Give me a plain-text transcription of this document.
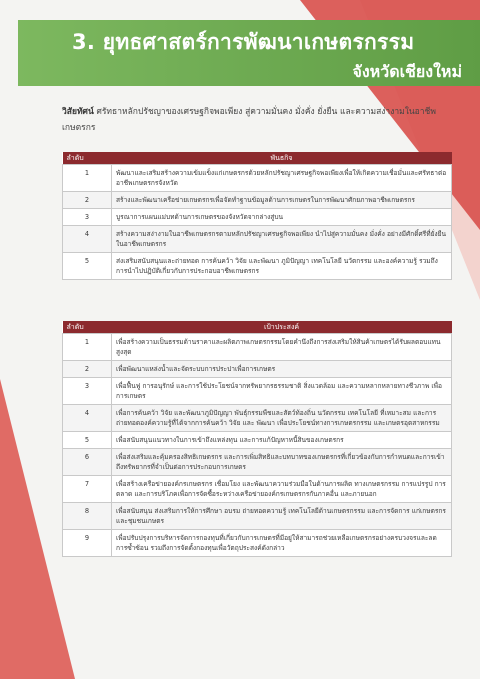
3. ยุทธศาสตร์การพัฒนาเกษตรกรรม
จังหวัดเชียงใหม่
วิสัยทัศน์ ศรัทธาหลักปรัชญาของเศรษฐกิจพอเพียง สู่ความมั่นคง มั่งคั่ง ยั่งยืน และความสง่างามในอาชีพเกษตรกร
ลำดับ	พันธกิจ
1	พัฒนาและเสริมสร้างความเข้มแข็งแก่เกษตรกรด้วยหลักปรัชญาเศรษฐกิจพอเพียงเพื่อให้เกิดความเชื่อมั่นและศรัทธาต่ออาชีพเกษตรกรจังหวัด
2	สร้างและพัฒนาเครือข่ายเกษตรกรเพื่อจัดทำฐานข้อมูลด้านการเกษตรในการพัฒนาศักยภาพอาชีพเกษตรกร
3	บูรณาการแผนแม่บทด้านการเกษตรของจังหวัดจากล่างสู่บน
4	สร้างความสง่างามในอาชีพเกษตรกรตามหลักปรัชญาเศรษฐกิจพอเพียง นำไปสู่ความมั่นคง มั่งคั่ง อย่างมีศักดิ์ศรีที่ยั่งยืนในอาชีพเกษตรกร
5	ส่งเสริมสนับสนุนและถ่ายทอด การค้นคว้า วิจัย และพัฒนา ภูมิปัญญา เทคโนโลยี นวัตกรรม และองค์ความรู้ รวมถึงการนำไปปฏิบัติเกี่ยวกับการประกอบอาชีพเกษตรกร
ลำดับ	เป้าประสงค์
1	เพื่อสร้างความเป็นธรรมด้านราคาและผลิตภาพเกษตรกรรมโดยคำนึงถึงการส่งเสริมให้สินค้าเกษตรได้รับผลตอบแทนสูงสุด
2	เพื่อพัฒนาแหล่งน้ำและจัดระบบการประปาเพื่อการเกษตร
3	เพื่อฟื้นฟู การอนุรักษ์ และการใช้ประโยชน์จากทรัพยากรธรรมชาติ สิ่งแวดล้อม และความหลากหลายทางชีวภาพ เพื่อการเกษตร
4	เพื่อการค้นคว้า วิจัย และพัฒนาภูมิปัญญา พันธุ์กรรมพืชและสัตว์ท้องถิ่น นวัตกรรม เทคโนโลยี ที่เหมาะสม และการถ่ายทอดองค์ความรู้ที่ได้จากการค้นคว้า วิจัย และ พัฒนา เพื่อประโยชน์ทางการเกษตรกรรม และเกษตรอุตสาหกรรม
5	เพื่อสนับสนุนแนวทางในการเข้าถึงแหล่งทุน และการแก้ปัญหาหนี้สินของเกษตรกร
6	เพื่อส่งเสริมและคุ้มครองสิทธิเกษตรกร และการเพิ่มสิทธิและบทบาทของเกษตรกรที่เกี่ยวข้องกับการกำหนดและการเข้าถึงทรัพยากรที่จำเป็นต่อการประกอบการเกษตร
7	เพื่อสร้างเครือข่ายองค์กรเกษตรกร เชื่อมโยง และพัฒนาความร่วมมือในด้านการผลิต ทางเกษตรกรรม การแปรรูป การตลาด และการบริโภคเพื่อการจัดซื้อระหว่างเครือข่ายองค์กรเกษตรกรกับภาคอื่น และภายนอก
8	เพื่อสนับสนุน ส่งเสริมการให้การศึกษา อบรม ถ่ายทอดความรู้ เทคโนโลยีด้านเกษตรกรรม และการจัดการ แก่เกษตรกรและชุมชนเกษตร
9	เพื่อปรับปรุงการบริหารจัดการกองทุนที่เกี่ยวกับการเกษตรที่มีอยู่ให้สามารถช่วยเหลือเกษตรกรอย่างครบวงจรและลดการซ้ำซ้อน รวมถึงการจัดตั้งกองทุนเพื่อวัตถุประสงค์ดังกล่าว
